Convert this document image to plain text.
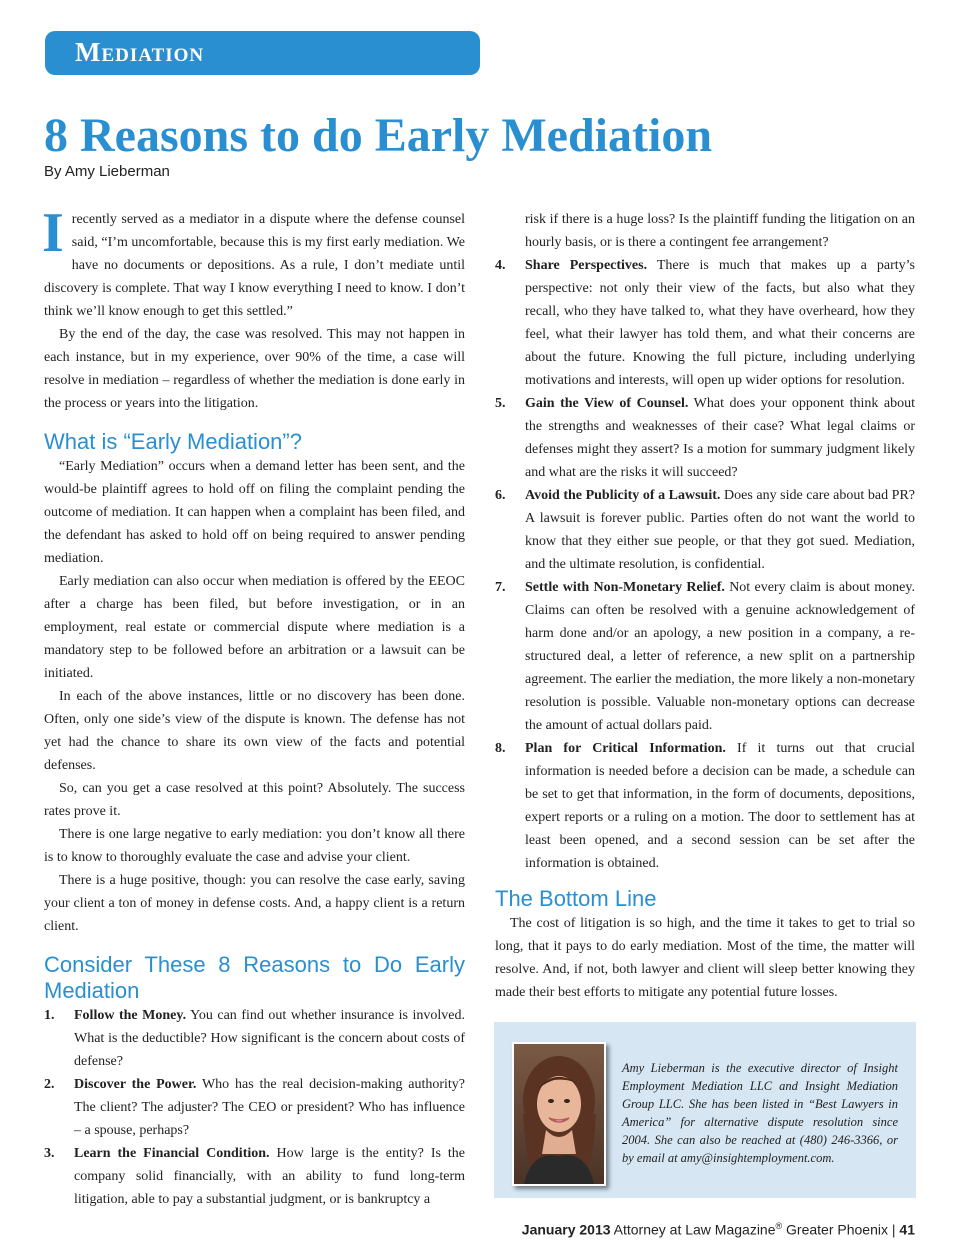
Mediation
8 Reasons to do Early Mediation
By Amy Lieberman

Irecently served as a mediator in a dispute where the defense counsel said, “I’m uncomfortable, because this is my first early mediation. We have no documents or depositions. As a rule, I don’t mediate until discovery is complete. That way I know everything I need to know. I don’t think we’ll know enough to get this settled.”

By the end of the day, the case was resolved. This may not happen in each instance, but in my experience, over 90% of the time, a case will resolve in mediation – regardless of whether the mediation is done early in the process or years into the litigation.

What is “Early Mediation”?

“Early Mediation” occurs when a demand letter has been sent, and the would-be plaintiff agrees to hold off on filing the complaint pending the outcome of mediation. It can happen when a complaint has been filed, and the defendant has asked to hold off on being required to answer pending mediation.

Early mediation can also occur when mediation is offered by the EEOC after a charge has been filed, but before investigation, or in an employment, real estate or commercial dispute where mediation is a mandatory step to be followed before an arbitration or a lawsuit can be initiated.

In each of the above instances, little or no discovery has been done. Often, only one side’s view of the dispute is known. The defense has not yet had the chance to share its own view of the facts and potential defenses.

So, can you get a case resolved at this point? Absolutely. The success rates prove it.

There is one large negative to early mediation: you don’t know all there is to know to thoroughly evaluate the case and advise your client.

There is a huge positive, though: you can resolve the case early, saving your client a ton of money in defense costs. And, a happy client is a return client.

Consider These 8 Reasons to Do Early Mediation
1. Follow the Money. You can find out whether insurance is involved. What is the deductible? How significant is the concern about costs of defense?
2. Discover the Power. Who has the real decision-making authority? The client? The adjuster? The CEO or president? Who has influence – a spouse, perhaps?
3. Learn the Financial Condition. How large is the entity? Is the company solid financially, with an ability to fund long-term litigation, able to pay a substantial judgment, or is bankruptcy a
risk if there is a huge loss? Is the plaintiff funding the litigation on an hourly basis, or is there a contingent fee arrangement?
4. Share Perspectives. There is much that makes up a party’s perspective: not only their view of the facts, but also what they recall, who they have talked to, what they have overheard, how they feel, what their lawyer has told them, and what their concerns are about the future. Knowing the full picture, including underlying motivations and interests, will open up wider options for resolution.
5. Gain the View of Counsel. What does your opponent think about the strengths and weaknesses of their case? What legal claims or defenses might they assert? Is a motion for summary judgment likely and what are the risks it will succeed?
6. Avoid the Publicity of a Lawsuit. Does any side care about bad PR? A lawsuit is forever public. Parties often do not want the world to know that they either sue people, or that they got sued. Mediation, and the ultimate resolution, is confidential.
7. Settle with Non-Monetary Relief. Not every claim is about money. Claims can often be resolved with a genuine acknowledgement of harm done and/or an apology, a new position in a company, a re-structured deal, a letter of reference, a new split on a partnership agreement. The earlier the mediation, the more likely a non-monetary resolution is possible. Valuable non-monetary options can decrease the amount of actual dollars paid.
8. Plan for Critical Information. If it turns out that crucial information is needed before a decision can be made, a schedule can be set to get that information, in the form of documents, depositions, expert reports or a ruling on a motion. The door to settlement has at least been opened, and a second session can be set after the information is obtained.
The Bottom Line

The cost of litigation is so high, and the time it takes to get to trial so long, that it pays to do early mediation. Most of the time, the matter will resolve. And, if not, both lawyer and client will sleep better knowing they made their best efforts to mitigate any potential future losses.

Amy Lieberman is the executive director of Insight Employment Mediation LLC and Insight Mediation Group LLC. She has been listed in “Best Lawyers in America” for alternative dispute resolution since 2004. She can also be reached at (480) 246-3366, or by email at amy@insightemployment.com.
January 2013 Attorney at Law Magazine® Greater Phoenix | 41
